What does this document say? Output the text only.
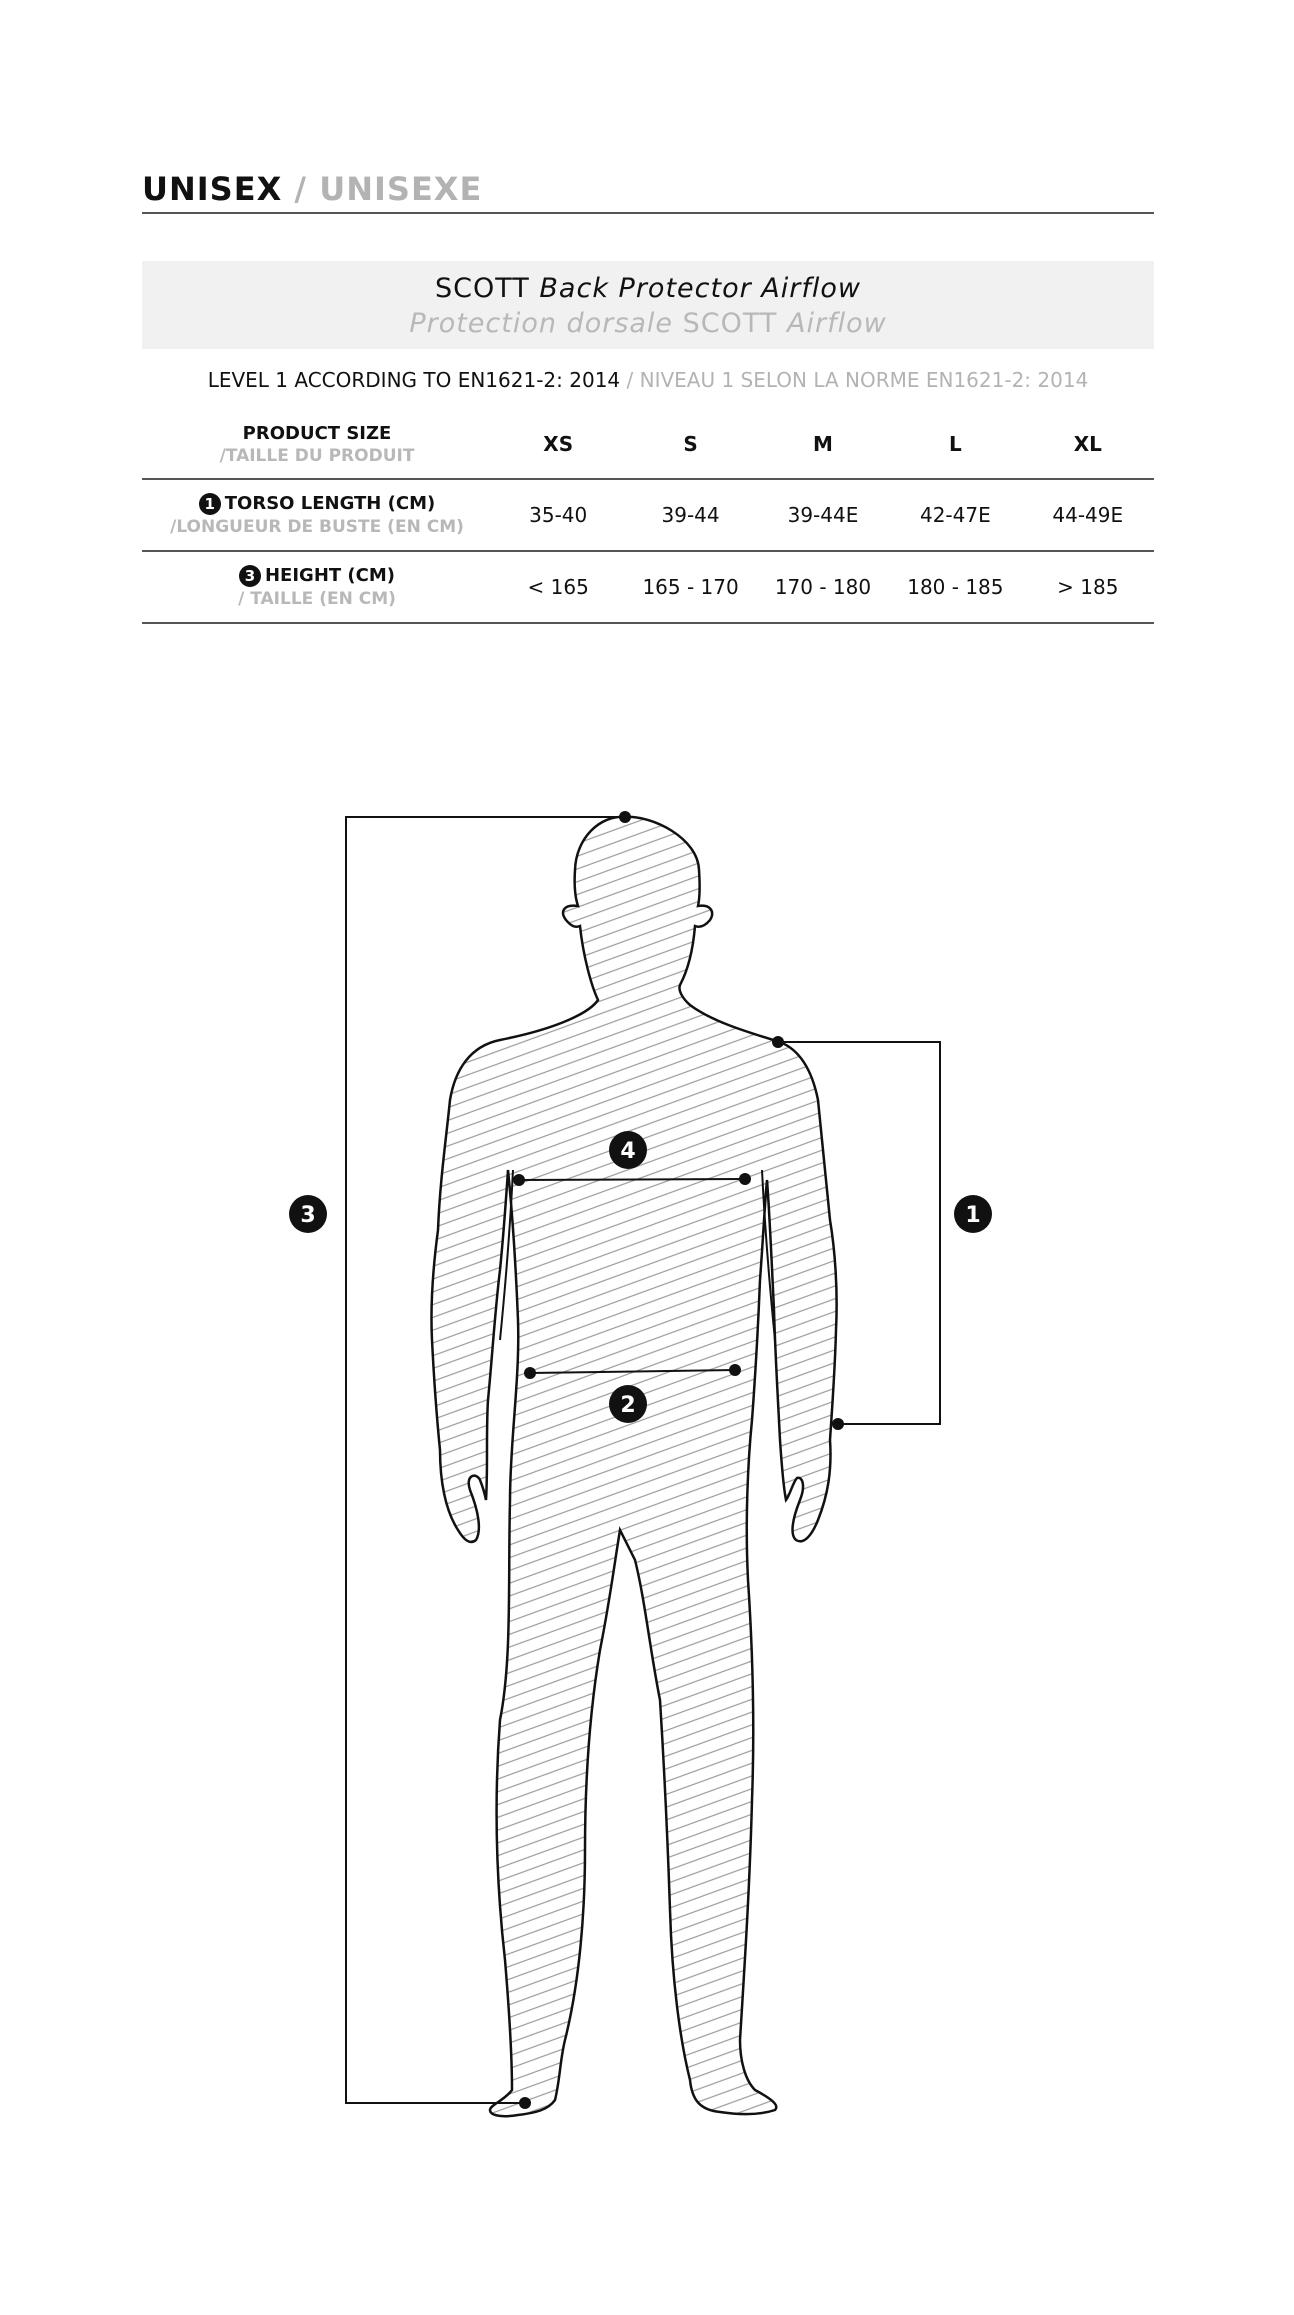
UNISEX / UNISEXE
SCOTT Back Protector Airflow
Protection dorsale SCOTT Airflow
LEVEL 1 ACCORDING TO EN1621-2: 2014 / NIVEAU 1 SELON LA NORME EN1621-2: 2014
PRODUCT SIZE
/TAILLE DU PRODUIT	XS	S	M	L	XL

1 TORSO LENGTH (CM)
/LONGUEUR DE BUSTE (EN CM)	35-40	39-44	39-44E	42-47E	44-49E

3 HEIGHT (CM)
/ TAILLE (EN CM)	< 165	165 - 170	170 - 180	180 - 185	> 185
3
4
1
2
